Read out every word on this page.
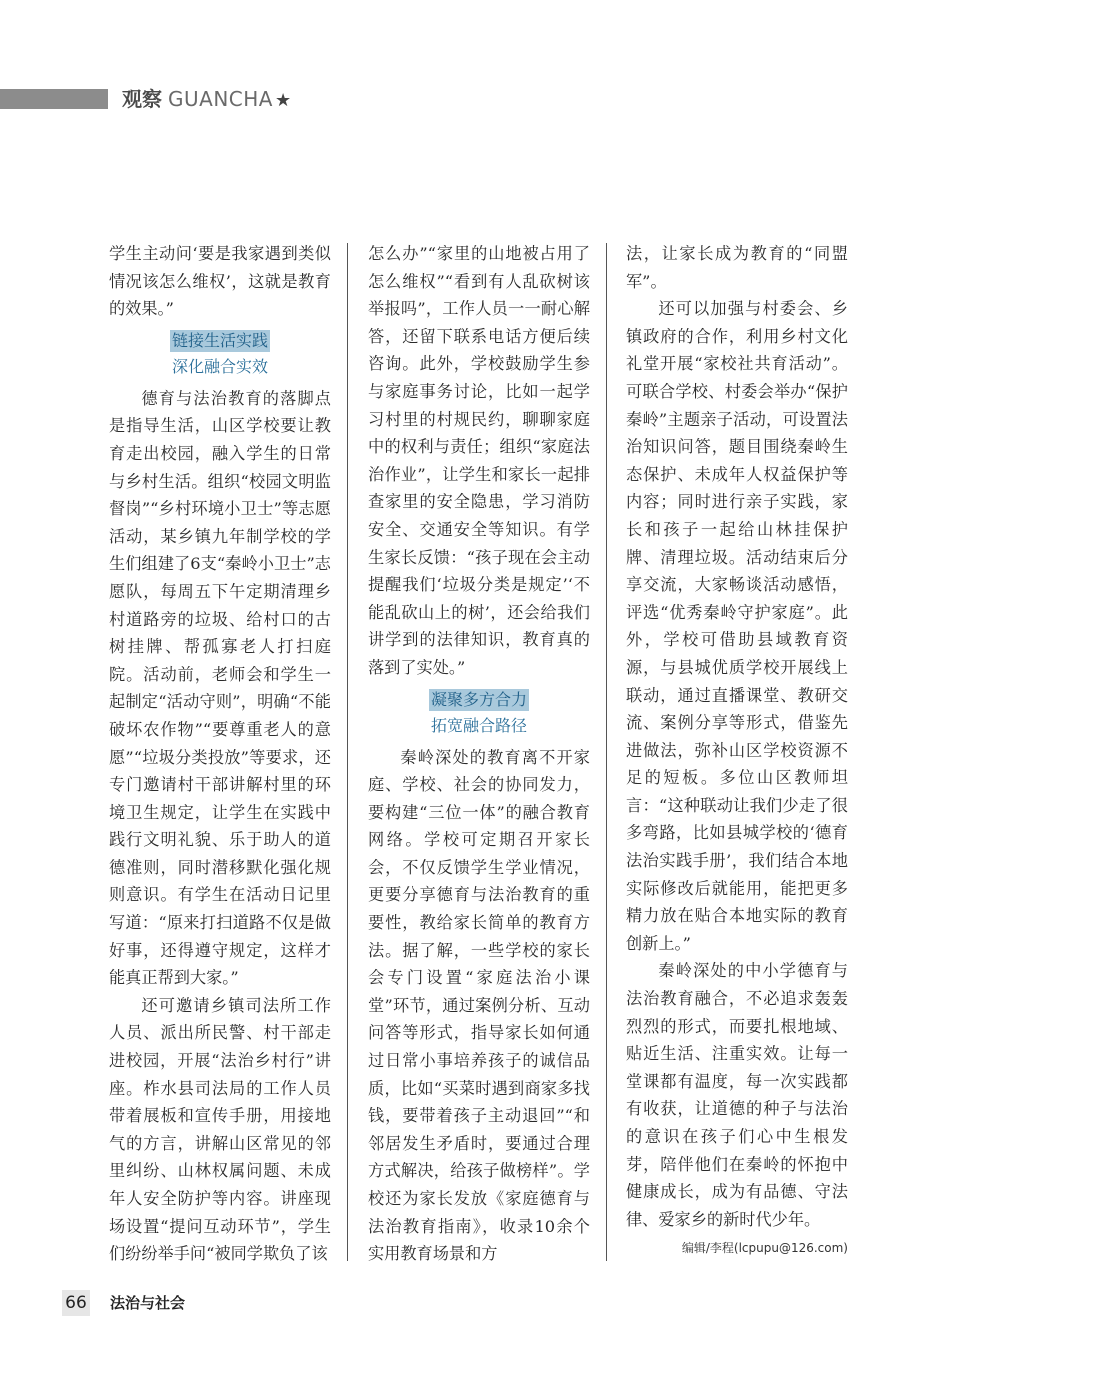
观察 GUANCHA ★

学生主动问‘要是我家遇到类似情况该怎么维权’，这就是教育的效果。”

链接生活实践
深化融合实效

德育与法治教育的落脚点是指导生活，山区学校要让教育走出校园，融入学生的日常与乡村生活。组织“校园文明监督岗”“乡村环境小卫士”等志愿活动，某乡镇九年制学校的学生们组建了6支“秦岭小卫士”志愿队，每周五下午定期清理乡村道路旁的垃圾、给村口的古树挂牌、帮孤寡老人打扫庭院。活动前，老师会和学生一起制定“活动守则”，明确“不能破坏农作物”“要尊重老人的意愿”“垃圾分类投放”等要求，还专门邀请村干部讲解村里的环境卫生规定，让学生在实践中践行文明礼貌、乐于助人的道德准则，同时潜移默化强化规则意识。有学生在活动日记里写道：“原来打扫道路不仅是做好事，还得遵守规定，这样才能真正帮到大家。”

还可邀请乡镇司法所工作人员、派出所民警、村干部走进校园，开展“法治乡村行”讲座。柞水县司法局的工作人员带着展板和宣传手册，用接地气的方言，讲解山区常见的邻里纠纷、山林权属问题、未成年人安全防护等内容。讲座现场设置“提问互动环节”，学生们纷纷举手问“被同学欺负了该

怎么办”“家里的山地被占用了怎么维权”“看到有人乱砍树该举报吗”，工作人员一一耐心解答，还留下联系电话方便后续咨询。此外，学校鼓励学生参与家庭事务讨论，比如一起学习村里的村规民约，聊聊家庭中的权利与责任；组织“家庭法治作业”，让学生和家长一起排查家里的安全隐患，学习消防安全、交通安全等知识。有学生家长反馈：“孩子现在会主动提醒我们‘垃圾分类是规定’‘不能乱砍山上的树’，还会给我们讲学到的法律知识，教育真的落到了实处。”

凝聚多方合力
拓宽融合路径

秦岭深处的教育离不开家庭、学校、社会的协同发力，要构建“三位一体”的融合教育网络。学校可定期召开家长会，不仅反馈学生学业情况，更要分享德育与法治教育的重要性，教给家长简单的教育方法。据了解，一些学校的家长会专门设置“家庭法治小课堂”环节，通过案例分析、互动问答等形式，指导家长如何通过日常小事培养孩子的诚信品质，比如“买菜时遇到商家多找钱，要带着孩子主动退回”“和邻居发生矛盾时，要通过合理方式解决，给孩子做榜样”。学校还为家长发放《家庭德育与法治教育指南》，收录10余个实用教育场景和方

法，让家长成为教育的“同盟军”。

还可以加强与村委会、乡镇政府的合作，利用乡村文化礼堂开展“家校社共育活动”。可联合学校、村委会举办“保护秦岭”主题亲子活动，可设置法治知识问答，题目围绕秦岭生态保护、未成年人权益保护等内容；同时进行亲子实践，家长和孩子一起给山林挂保护牌、清理垃圾。活动结束后分享交流，大家畅谈活动感悟，评选“优秀秦岭守护家庭”。此外，学校可借助县域教育资源，与县城优质学校开展线上联动，通过直播课堂、教研交流、案例分享等形式，借鉴先进做法，弥补山区学校资源不足的短板。多位山区教师坦言：“这种联动让我们少走了很多弯路，比如县城学校的‘德育法治实践手册’，我们结合本地实际修改后就能用，能把更多精力放在贴合本地实际的教育创新上。”

秦岭深处的中小学德育与法治教育融合，不必追求轰轰烈烈的形式，而要扎根地域、贴近生活、注重实效。让每一堂课都有温度，每一次实践都有收获，让道德的种子与法治的意识在孩子们心中生根发芽，陪伴他们在秦岭的怀抱中健康成长，成为有品德、守法律、爱家乡的新时代少年。

编辑/李程(lcpupu@126.com)
66 法治与社会
